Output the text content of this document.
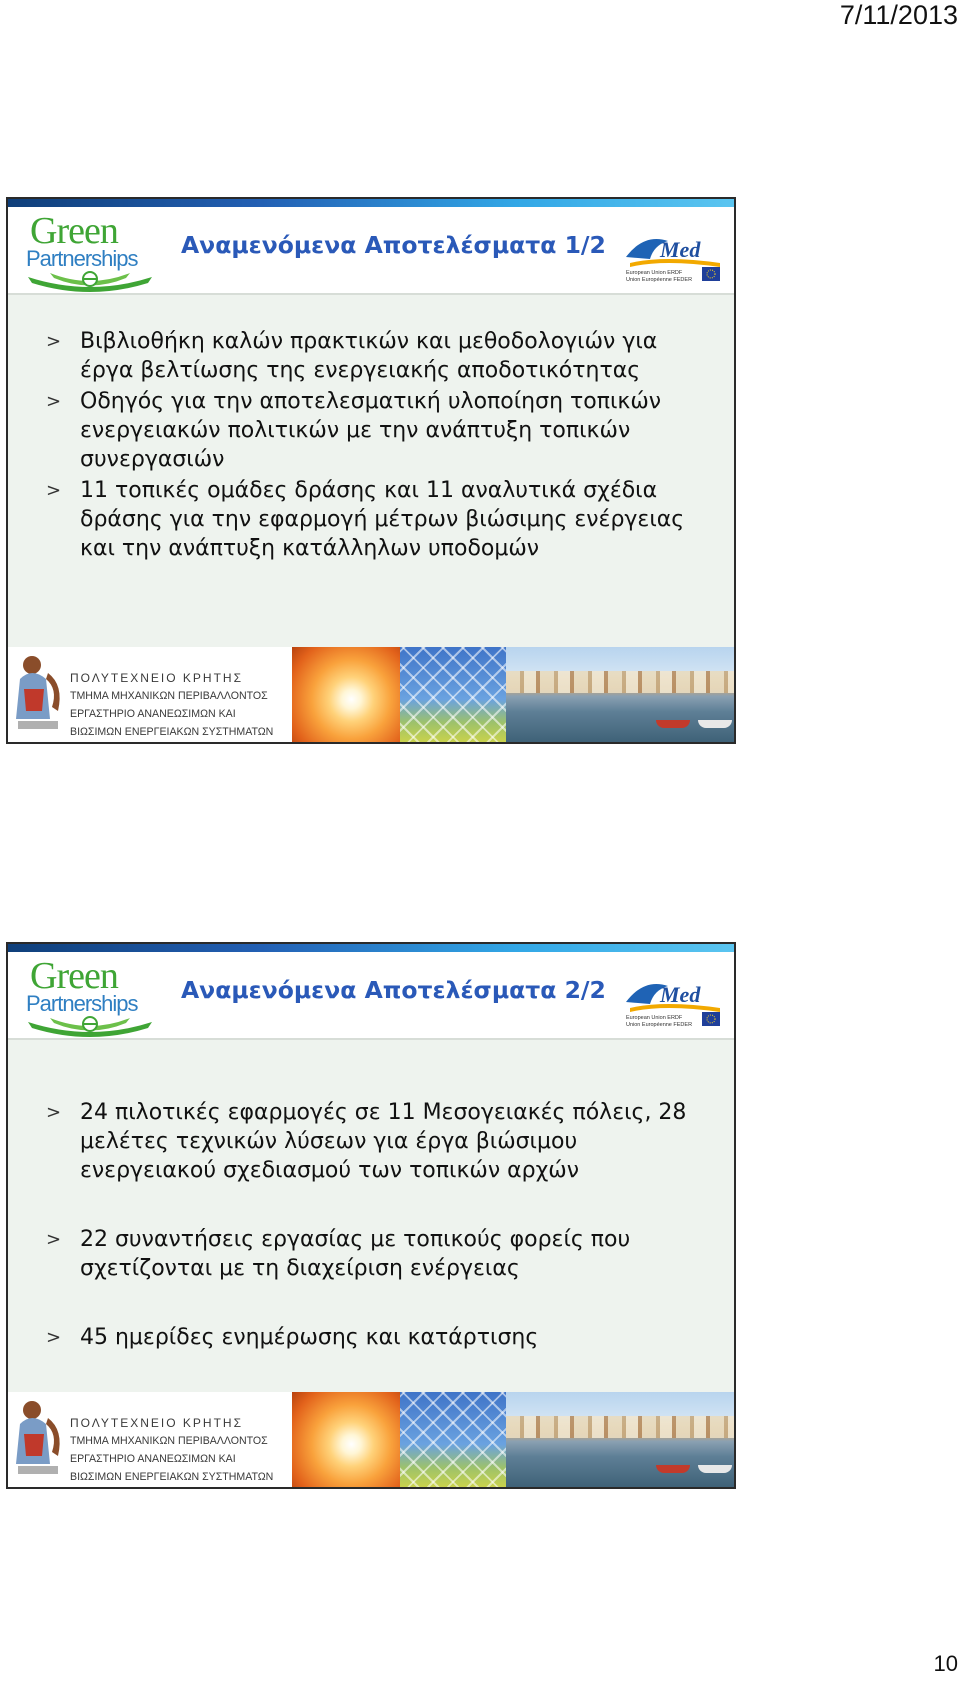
7/11/2013
Green
Partnerships Αναμενόμενα Αποτελέσματα 1/2 Med
European Union ERDF
Union Européenne FEDER
> Βιβλιοθήκη καλών πρακτικών και μεθοδολογιών για έργα βελτίωσης της ενεργειακής αποδοτικότητας
> Οδηγός για την αποτελεσματική υλοποίηση τοπικών ενεργειακών πολιτικών με την ανάπτυξη τοπικών συνεργασιών
> 11 τοπικές ομάδες δράσης και 11 αναλυτικά σχέδια δράσης για την εφαρμογή μέτρων βιώσιμης ενέργειας και την ανάπτυξη κατάλληλων υποδομών
ΠΟΛΥΤΕΧΝΕΙΟ ΚΡΗΤΗΣ
ΤΜΗΜΑ ΜΗΧΑΝΙΚΩΝ ΠΕΡΙΒΑΛΛΟΝΤΟΣ
ΕΡΓΑΣΤΗΡΙΟ ΑΝΑΝΕΩΣΙΜΩΝ ΚΑΙ
ΒΙΩΣΙΜΩΝ ΕΝΕΡΓΕΙΑΚΩΝ ΣΥΣΤΗΜΑΤΩΝ
Green
Partnerships Αναμενόμενα Αποτελέσματα 2/2 Med
European Union ERDF
Union Européenne FEDER
> 24 πιλοτικές εφαρμογές σε 11 Μεσογειακές πόλεις, 28 μελέτες τεχνικών λύσεων για έργα βιώσιμου ενεργειακού σχεδιασμού των τοπικών αρχών
> 22 συναντήσεις εργασίας με τοπικούς φορείς που σχετίζονται με τη διαχείριση ενέργειας
> 45 ημερίδες ενημέρωσης και κατάρτισης
ΠΟΛΥΤΕΧΝΕΙΟ ΚΡΗΤΗΣ
ΤΜΗΜΑ ΜΗΧΑΝΙΚΩΝ ΠΕΡΙΒΑΛΛΟΝΤΟΣ
ΕΡΓΑΣΤΗΡΙΟ ΑΝΑΝΕΩΣΙΜΩΝ ΚΑΙ
ΒΙΩΣΙΜΩΝ ΕΝΕΡΓΕΙΑΚΩΝ ΣΥΣΤΗΜΑΤΩΝ
10
